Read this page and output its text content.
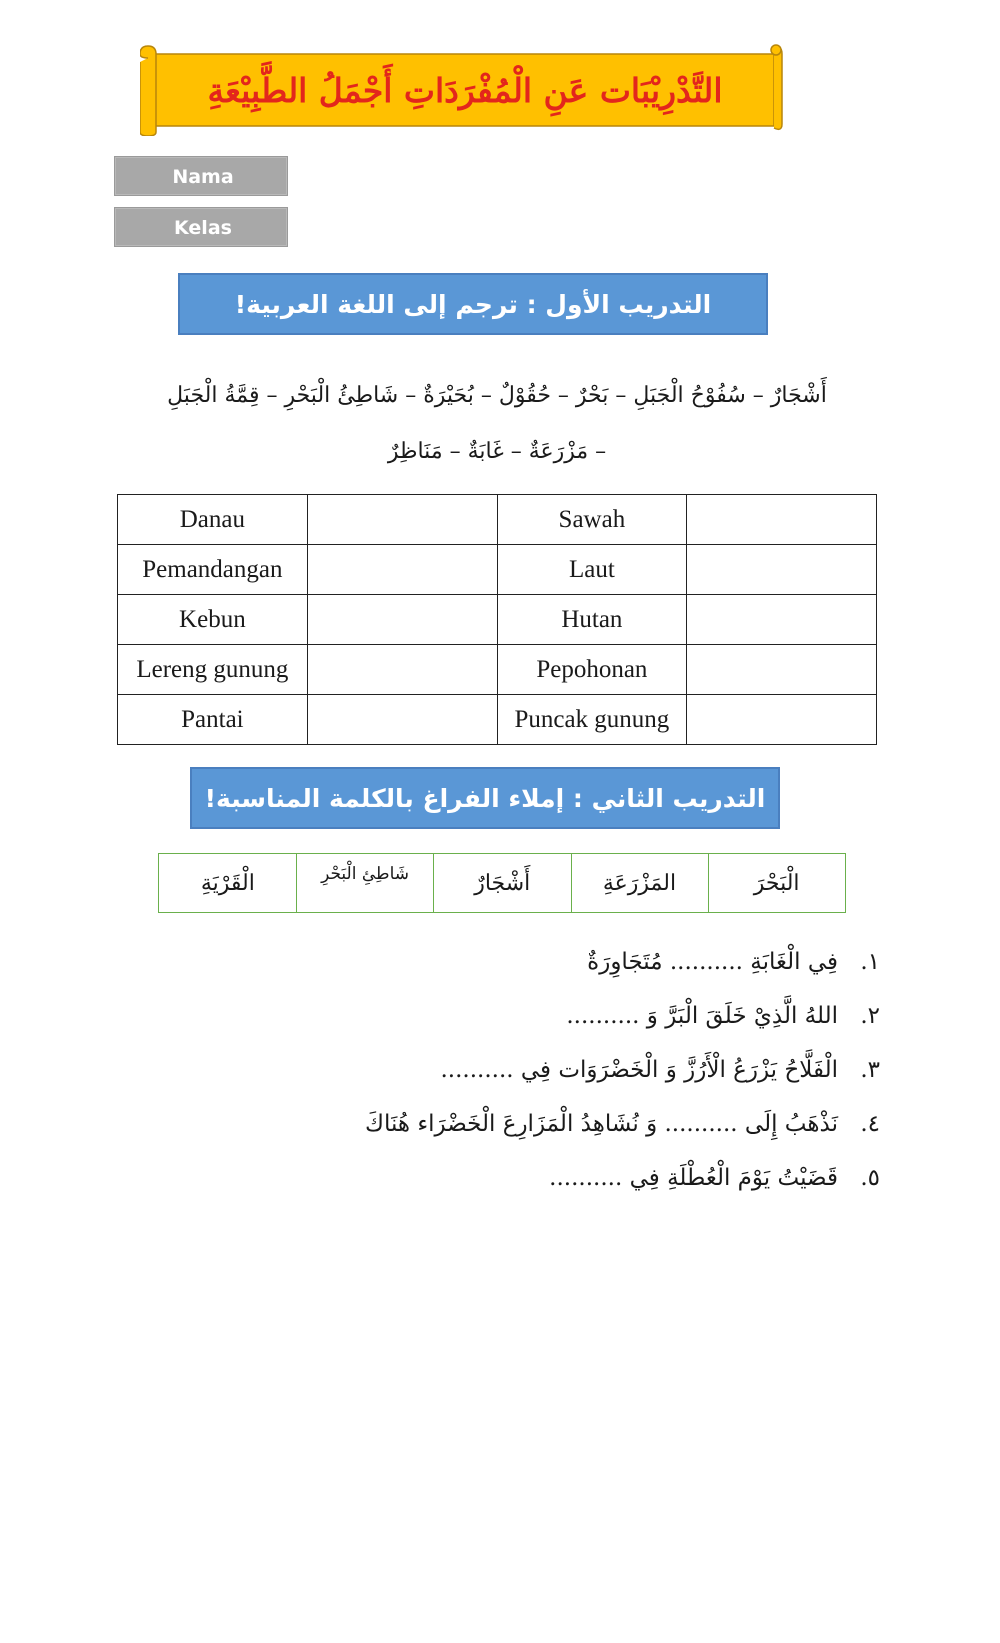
التَّدْرِيْبَات عَنِ الْمُفْرَدَاتِ أَجْمَلُ الطَّبِيْعَةِ
Nama
Kelas
التدريب الأول : ترجم إلى اللغة العربية!
أَشْجَارٌ – سُفُوْحُ الْجَبَلِ – بَحْرٌ – حُقُوْلٌ – بُحَيْرَةٌ – شَاطِئُ الْبَحْرِ – قِمَّةُ الْجَبَلِ
– مَزْرَعَةٌ – غَابَةٌ – مَنَاظِرٌ
Danau		Sawah	
Pemandangan		Laut	
Kebun		Hutan	
Lereng gunung		Pepohonan	
Pantai		Puncak gunung	
التدريب الثاني : إملاء الفراغ بالكلمة المناسبة!
الْبَحْرَ
المَزْرَعَةِ
أَشْجَارٌ
شَاطِئِ الْبَحْرِ
الْقَرْيَةِ
١.
فِي الْغَابَةِ .......... مُتَجَاوِرَةٌ
٢.
اللهُ الَّذِيْ خَلَقَ الْبَرَّ وَ ..........
٣.
الْفَلَّاحُ يَزْرَعُ الْأَرُزَّ وَ الْخَضْرَوَات فِي ..........
٤.
نَذْهَبُ إِلَى .......... وَ نُشَاهِدُ الْمَزَارِعَ الْخَضْرَاء هُنَاكَ
٥.
قَضَيْتُ يَوْمَ الْعُطْلَةِ فِي ..........
